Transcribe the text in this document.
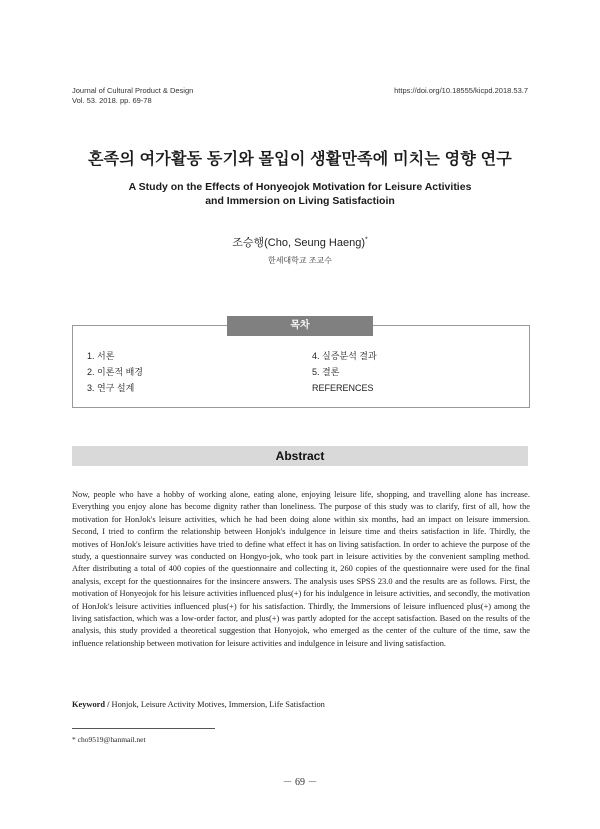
Journal of Cultural Product & Design
Vol. 53. 2018. pp. 69-78
https://doi.org/10.18555/kicpd.2018.53.7
혼족의 여가활동 동기와 몰입이 생활만족에 미치는 영향 연구
A Study on the Effects of Honyeojok Motivation for Leisure Activities
and Immersion on Living Satisfactioin
조승행(Cho, Seung Haeng)*
한세대학교 조교수
목차
1. 서론
2. 이론적 배경
3. 연구 설계
4. 실증분석 결과
5. 결론
REFERENCES
Abstract
Now, people who have a hobby of working alone, eating alone, enjoying leisure life, shopping, and travelling alone has increase. Everything you enjoy alone has become dignity rather than loneliness. The purpose of this study was to clarify, first of all, how the motivation for HonJok's leisure activities, which he had been doing alone within six months, had an impact on leisure immersion. Second, I tried to confirm the relationship between Honjok's indulgence in leisure time and theirs satisfaction in life. Thirdly, the motives of HonJok's leisure activities have tried to define what effect it has on living satisfaction. In order to achieve the purpose of the study, a questionnaire survey was conducted on Hongyo-jok, who took part in leisure activities by the convenient sampling method. After distributing a total of 400 copies of the questionnaire and collecting it, 260 copies of the questionnaire were used for the final analysis, except for the questionnaires for the insincere answers. The analysis uses SPSS 23.0 and the results are as follows. First, the motivation of Honyeojok for his leisure activities influenced plus(+) for his indulgence in leisure activities, and secondly, the motivation of HonJok's leisure activities influenced plus(+) for his satisfaction. Thirdly, the Immersions of leisure influenced plus(+) among the living satisfaction, which was a low-order factor, and plus(+) was partly adopted for the accept satisfaction. Based on the results of the analysis, this study provided a theoretical suggestion that Honyojok, who emerged as the center of the culture of the time, saw the influence relationship between motivation for leisure activities and indulgence in leisure and living satisfaction.
Keyword / Honjok, Leisure Activity Motives, Immersion, Life Satisfaction
* cho9519@hanmail.net
－ 69 －
